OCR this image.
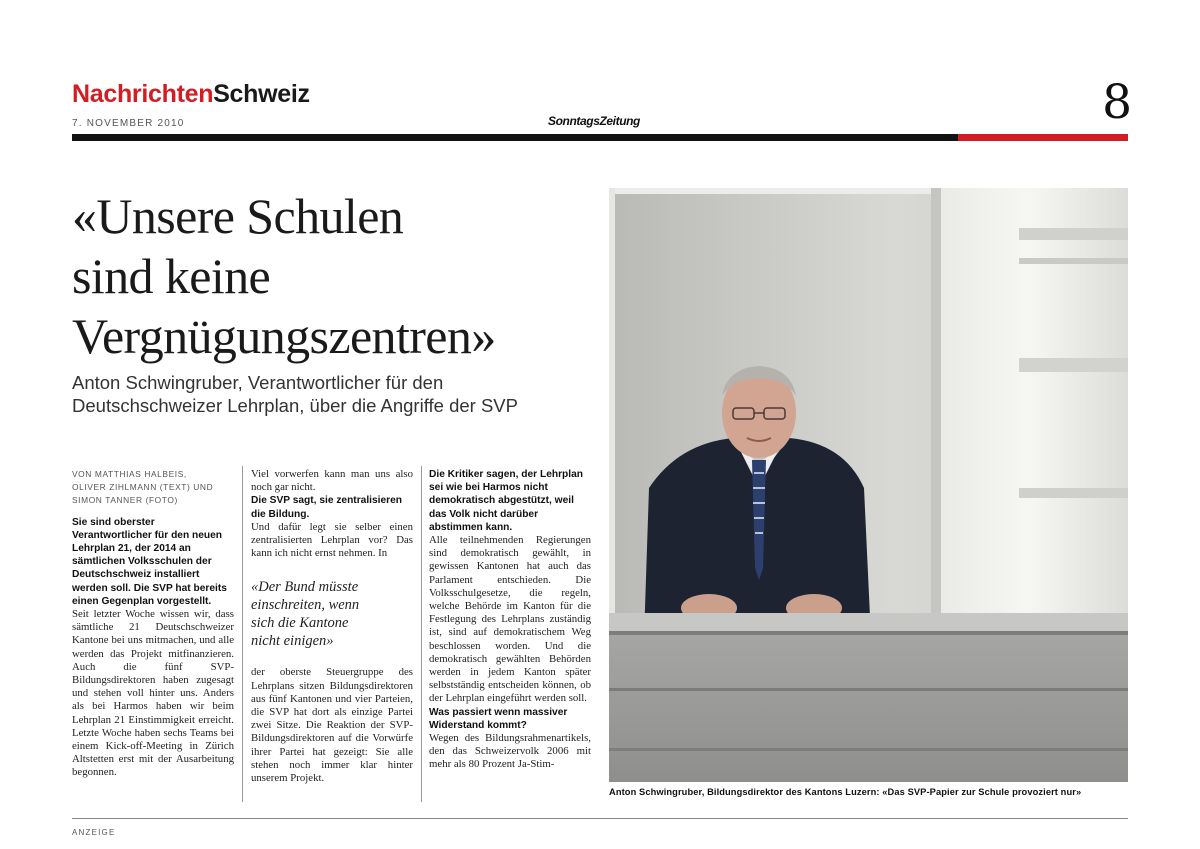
NachrichtenSchweiz
7. NOVEMBER 2010	SonntagsZeitung	8
«Unsere Schulen
sind keine
Vergnügungszentren»
Anton Schwingruber, Verantwortlicher für den
Deutschschweizer Lehrplan, über die Angriffe der SVP

VON MATTHIAS HALBEIS,
OLIVER ZIHLMANN (TEXT) UND
SIMON TANNER (FOTO)

Sie sind oberster Verantwortlicher für den neuen Lehrplan 21, der 2014 an sämtlichen Volksschulen der Deutschschweiz installiert werden soll. Die SVP hat bereits einen Gegenplan vorgestellt.

Seit letzter Woche wissen wir, dass sämtliche 21 Deutschschweizer Kantone bei uns mitmachen, und alle werden das Projekt mitfinanzieren. Auch die fünf SVP-Bildungsdirektoren haben zugesagt und stehen voll hinter uns. Anders als bei Harmos haben wir beim Lehrplan 21 Einstimmigkeit erreicht. Letzte Woche haben sechs Teams bei einem Kick-off-Meeting in Zürich Altstetten erst mit der Ausarbeitung begonnen.

Viel vorwerfen kann man uns also noch gar nicht.

Die SVP sagt, sie zentralisieren die Bildung.

Und dafür legt sie selber einen zentralisierten Lehrplan vor? Das kann ich nicht ernst nehmen. In

«Der Bund müsste
einschreiten, wenn
sich die Kantone
nicht einigen»

der oberste Steuergruppe des Lehrplans sitzen Bildungsdirektoren aus fünf Kantonen und vier Parteien, die SVP hat dort als einzige Partei zwei Sitze. Die Reaktion der SVP-Bildungsdirektoren auf die Vorwürfe ihrer Partei hat gezeigt: Sie alle stehen noch immer klar hinter unserem Projekt.

Die Kritiker sagen, der Lehrplan sei wie bei Harmos nicht demokratisch abgestützt, weil das Volk nicht darüber abstimmen kann.

Alle teilnehmenden Regierungen sind demokratisch gewählt, in gewissen Kantonen hat auch das Parlament entschieden. Die Volksschulgesetze, die regeln, welche Behörde im Kanton für die Festlegung des Lehrplans zuständig ist, sind auf demokratischem Weg beschlossen worden. Und die demokratisch gewählten Behörden werden in jedem Kanton später selbstständig entscheiden können, ob der Lehrplan eingeführt werden soll.

Was passiert wenn massiver Widerstand kommt?

Wegen des Bildungsrahmenartikels, den das Schweizervolk 2006 mit mehr als 80 Prozent Ja-Stim-

Anton Schwingruber, Bildungsdirektor des Kantons Luzern: «Das SVP-Papier zur Schule provoziert nur»
ANZEIGE
